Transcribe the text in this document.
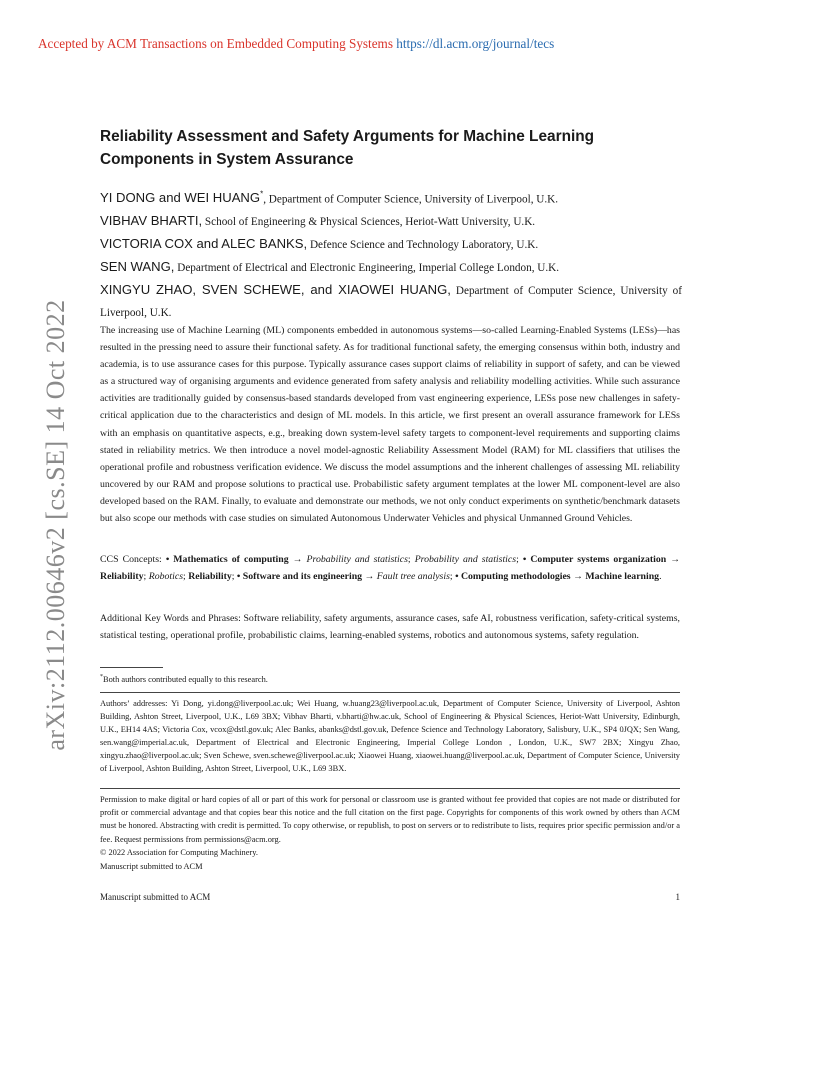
Accepted by ACM Transactions on Embedded Computing Systems https://dl.acm.org/journal/tecs
arXiv:2112.00646v2 [cs.SE] 14 Oct 2022
Reliability Assessment and Safety Arguments for Machine Learning Components in System Assurance
YI DONG and WEI HUANG*, Department of Computer Science, University of Liverpool, U.K.
VIBHAV BHARTI, School of Engineering & Physical Sciences, Heriot-Watt University, U.K.
VICTORIA COX and ALEC BANKS, Defence Science and Technology Laboratory, U.K.
SEN WANG, Department of Electrical and Electronic Engineering, Imperial College London, U.K.
XINGYU ZHAO, SVEN SCHEWE, and XIAOWEI HUANG, Department of Computer Science, University of Liverpool, U.K.

The increasing use of Machine Learning (ML) components embedded in autonomous systems—so-called Learning-Enabled Systems (LESs)—has resulted in the pressing need to assure their functional safety. As for traditional functional safety, the emerging consensus within both, industry and academia, is to use assurance cases for this purpose. Typically assurance cases support claims of reliability in support of safety, and can be viewed as a structured way of organising arguments and evidence generated from safety analysis and reliability modelling activities. While such assurance activities are traditionally guided by consensus-based standards developed from vast engineering experience, LESs pose new challenges in safety-critical application due to the characteristics and design of ML models. In this article, we first present an overall assurance framework for LESs with an emphasis on quantitative aspects, e.g., breaking down system-level safety targets to component-level requirements and supporting claims stated in reliability metrics. We then introduce a novel model-agnostic Reliability Assessment Model (RAM) for ML classifiers that utilises the operational profile and robustness verification evidence. We discuss the model assumptions and the inherent challenges of assessing ML reliability uncovered by our RAM and propose solutions to practical use. Probabilistic safety argument templates at the lower ML component-level are also developed based on the RAM. Finally, to evaluate and demonstrate our methods, we not only conduct experiments on synthetic/benchmark datasets but also scope our methods with case studies on simulated Autonomous Underwater Vehicles and physical Unmanned Ground Vehicles.

CCS Concepts: • Mathematics of computing → Probability and statistics; Probability and statistics; • Computer systems organization → Reliability; Robotics; Reliability; • Software and its engineering → Fault tree analysis; • Computing methodologies → Machine learning.

Additional Key Words and Phrases: Software reliability, safety arguments, assurance cases, safe AI, robustness verification, safety-critical systems, statistical testing, operational profile, probabilistic claims, learning-enabled systems, robotics and autonomous systems, safety regulation.

*Both authors contributed equally to this research.

Authors’ addresses: Yi Dong, yi.dong@liverpool.ac.uk; Wei Huang, w.huang23@liverpool.ac.uk, Department of Computer Science, University of Liverpool, Ashton Building, Ashton Street, Liverpool, U.K., L69 3BX; Vibhav Bharti, v.bharti@hw.ac.uk, School of Engineering & Physical Sciences, Heriot-Watt University, Edinburgh, U.K., EH14 4AS; Victoria Cox, vcox@dstl.gov.uk; Alec Banks, abanks@dstl.gov.uk, Defence Science and Technology Laboratory, Salisbury, U.K., SP4 0JQX; Sen Wang, sen.wang@imperial.ac.uk, Department of Electrical and Electronic Engineering, Imperial College London , London, U.K., SW7 2BX; Xingyu Zhao, xingyu.zhao@liverpool.ac.uk; Sven Schewe, sven.schewe@liverpool.ac.uk; Xiaowei Huang, xiaowei.huang@liverpool.ac.uk, Department of Computer Science, University of Liverpool, Ashton Building, Ashton Street, Liverpool, U.K., L69 3BX.

Permission to make digital or hard copies of all or part of this work for personal or classroom use is granted without fee provided that copies are not made or distributed for profit or commercial advantage and that copies bear this notice and the full citation on the first page. Copyrights for components of this work owned by others than ACM must be honored. Abstracting with credit is permitted. To copy otherwise, or republish, to post on servers or to redistribute to lists, requires prior specific permission and/or a fee. Request permissions from permissions@acm.org.

© 2022 Association for Computing Machinery.

Manuscript submitted to ACM

Manuscript submitted to ACM	1
